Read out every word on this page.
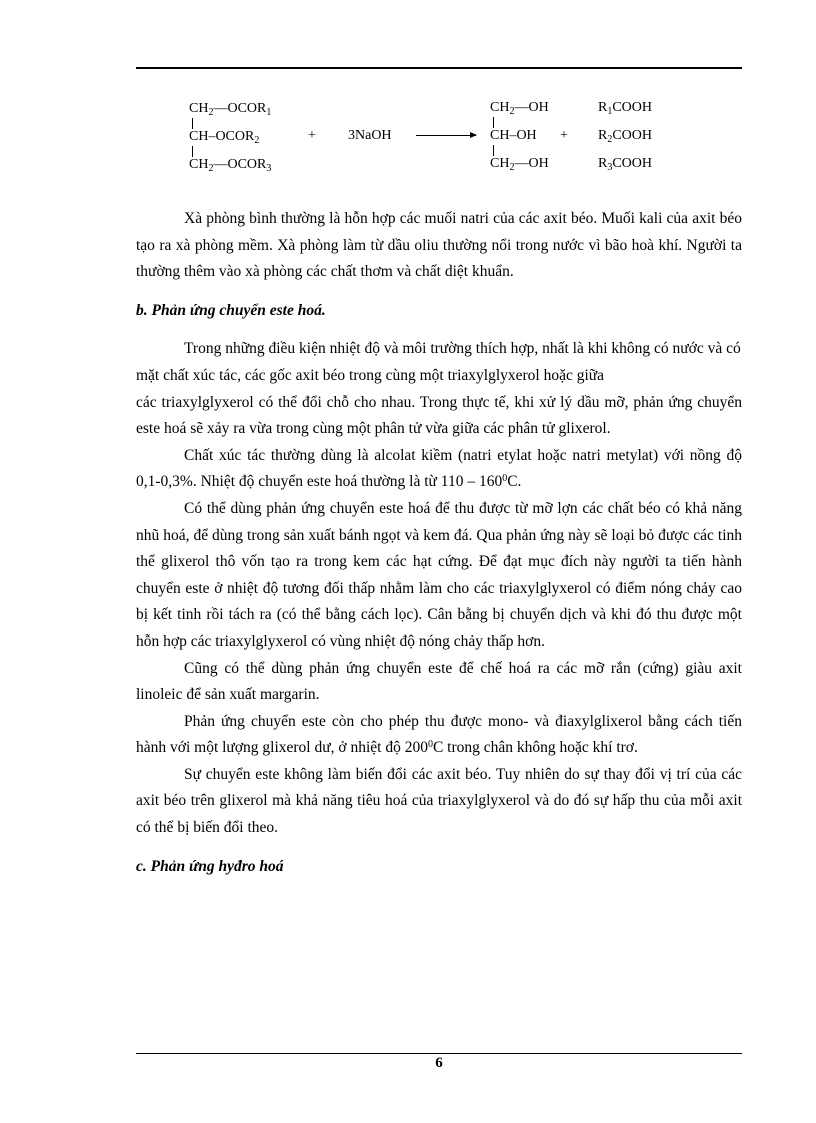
$CH_2—OCOR_1$
$CH-OCOR_2$
$CH_2—OCOR_3$
+ 3NaOH
$CH_2—OH$
CH–OH
$CH_2—OH$
+
$R_1COOH$
$R_2COOH$
$R_3COOH$

Xà phòng bình thường là hỗn hợp các muối natri của các axit béo. Muối kali của axit béo tạo ra xà phòng mềm. Xà phòng làm từ dầu oliu thường nổi trong nước vì bão hoà khí. Người ta thường thêm vào xà phòng các chất thơm và chất diệt khuẩn.

b. Phản ứng chuyển este hoá.

Trong những điều kiện nhiệt độ và môi trường thích hợp, nhất là khi không có nước và có mặt chất xúc tác, các gốc axit béo trong cùng một triaxylglyxerol hoặc giữa

các triaxylglyxerol có thể đổi chỗ cho nhau. Trong thực tế, khi xử lý dầu mỡ, phản ứng chuyển este hoá sẽ xảy ra vừa trong cùng một phân tử vừa giữa các phân tử glixerol.

Chất xúc tác thường dùng là alcolat kiềm (natri etylat hoặc natri metylat) với nồng độ 0,1-0,3%. Nhiệt độ chuyển este hoá thường là từ $110 - 160^0C$.

Có thể dùng phản ứng chuyển este hoá để thu được từ mỡ lợn các chất béo có khả năng nhũ hoá, để dùng trong sản xuất bánh ngọt và kem đá. Qua phản ứng này sẽ loại bỏ được các tinh thể glixerol thô vốn tạo ra trong kem các hạt cứng. Để đạt mục đích này người ta tiến hành chuyển este ở nhiệt độ tương đối thấp nhằm làm cho các triaxylglyxerol có điểm nóng chảy cao bị kết tinh rồi tách ra (có thể bằng cách lọc). Cân bằng bị chuyển dịch và khi đó thu được một hỗn hợp các triaxylglyxerol có vùng nhiệt độ nóng chảy thấp hơn.

Cũng có thể dùng phản ứng chuyển este để chế hoá ra các mỡ rắn (cứng) giàu axit linoleic để sản xuất margarin.

Phản ứng chuyển este còn cho phép thu được mono- và điaxylglixerol bằng cách tiến hành với một lượng glixerol dư, ở nhiệt độ $200^0C$ trong chân không hoặc khí trơ.

Sự chuyển este không làm biến đổi các axit béo. Tuy nhiên do sự thay đổi vị trí của các axit béo trên glixerol mà khả năng tiêu hoá của triaxylglyxerol và do đó sự hấp thu của mỗi axit có thể bị biến đổi theo.

c. Phản ứng hyđro hoá

6
